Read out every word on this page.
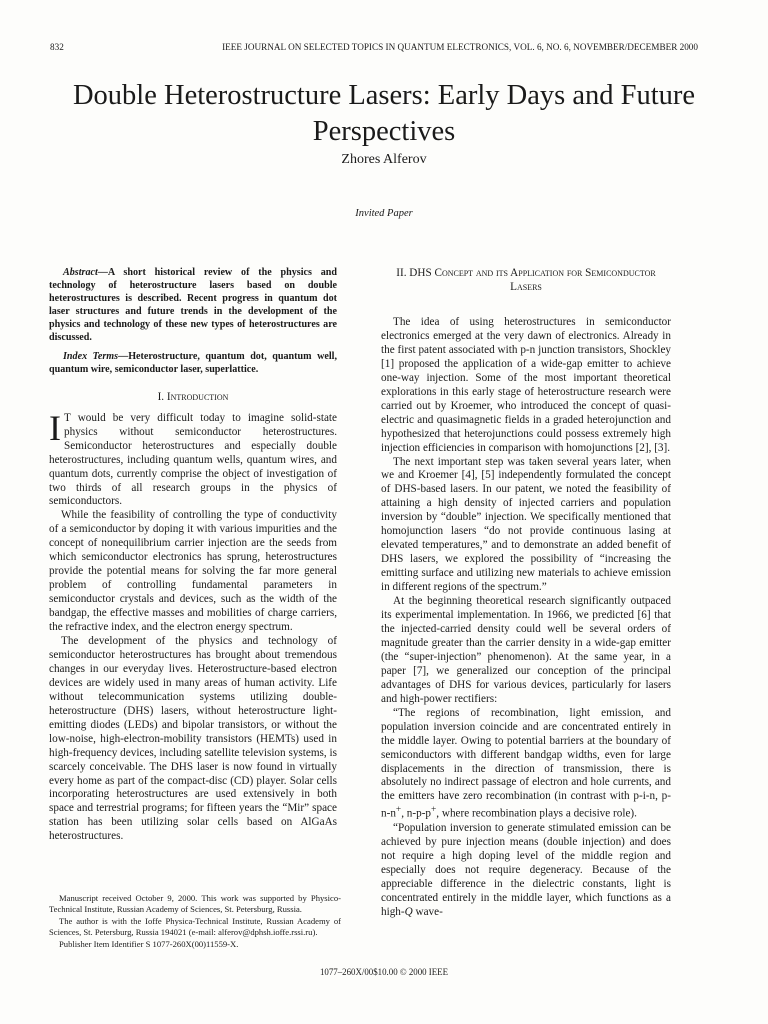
832	IEEE JOURNAL ON SELECTED TOPICS IN QUANTUM ELECTRONICS, VOL. 6, NO. 6, NOVEMBER/DECEMBER 2000
Double Heterostructure Lasers: Early Days and Future Perspectives
Zhores Alferov
Invited Paper

Abstract—A short historical review of the physics and technology of heterostructure lasers based on double heterostructures is described. Recent progress in quantum dot laser structures and future trends in the development of the physics and technology of these new types of heterostructures are discussed.

Index Terms—Heterostructure, quantum dot, quantum well, quantum wire, semiconductor laser, superlattice.

I. Introduction

I T would be very difficult today to imagine solid-state physics without semiconductor heterostructures. Semiconductor heterostructures and especially double heterostructures, including quantum wells, quantum wires, and quantum dots, currently comprise the object of investigation of two thirds of all research groups in the physics of semiconductors.

While the feasibility of controlling the type of conductivity of a semiconductor by doping it with various impurities and the concept of nonequilibrium carrier injection are the seeds from which semiconductor electronics has sprung, heterostructures provide the potential means for solving the far more general problem of controlling fundamental parameters in semiconductor crystals and devices, such as the width of the bandgap, the effective masses and mobilities of charge carriers, the refractive index, and the electron energy spectrum.

The development of the physics and technology of semiconductor heterostructures has brought about tremendous changes in our everyday lives. Heterostructure-based electron devices are widely used in many areas of human activity. Life without telecommunication systems utilizing double-heterostructure (DHS) lasers, without heterostructure light-emitting diodes (LEDs) and bipolar transistors, or without the low-noise, high-electron-mobility transistors (HEMTs) used in high-frequency devices, including satellite television systems, is scarcely conceivable. The DHS laser is now found in virtually every home as part of the compact-disc (CD) player. Solar cells incorporating heterostructures are used extensively in both space and terrestrial programs; for fifteen years the “Mir” space station has been utilizing solar cells based on AlGaAs heterostructures.

Manuscript received October 9, 2000. This work was supported by Physico-Technical Institute, Russian Academy of Sciences, St. Petersburg, Russia.

The author is with the Ioffe Physica-Technical Institute, Russian Academy of Sciences, St. Petersburg, Russia 194021 (e-mail: alferov@dphsh.ioffe.rssi.ru).

Publisher Item Identifier S 1077-260X(00)11559-X.

II. DHS Concept and its Application for Semiconductor Lasers

The idea of using heterostructures in semiconductor electronics emerged at the very dawn of electronics. Already in the first patent associated with p-n junction transistors, Shockley [1] proposed the application of a wide-gap emitter to achieve one-way injection. Some of the most important theoretical explorations in this early stage of heterostructure research were carried out by Kroemer, who introduced the concept of quasi-electric and quasimagnetic fields in a graded heterojunction and hypothesized that heterojunctions could possess extremely high injection efficiencies in comparison with homojunctions [2], [3].

The next important step was taken several years later, when we and Kroemer [4], [5] independently formulated the concept of DHS-based lasers. In our patent, we noted the feasibility of attaining a high density of injected carriers and population inversion by “double” injection. We specifically mentioned that homojunction lasers “do not provide continuous lasing at elevated temperatures,” and to demonstrate an added benefit of DHS lasers, we explored the possibility of “increasing the emitting surface and utilizing new materials to achieve emission in different regions of the spectrum.”

At the beginning theoretical research significantly outpaced its experimental implementation. In 1966, we predicted [6] that the injected-carried density could well be several orders of magnitude greater than the carrier density in a wide-gap emitter (the “super-injection” phenomenon). At the same year, in a paper [7], we generalized our conception of the principal advantages of DHS for various devices, particularly for lasers and high-power rectifiers:

“The regions of recombination, light emission, and population inversion coincide and are concentrated entirely in the middle layer. Owing to potential barriers at the boundary of semiconductors with different bandgap widths, even for large displacements in the direction of transmission, there is absolutely no indirect passage of electron and hole currents, and the emitters have zero recombination (in contrast with p-i-n, p-n-n+, n-p-p+, where recombination plays a decisive role).

“Population inversion to generate stimulated emission can be achieved by pure injection means (double injection) and does not require a high doping level of the middle region and especially does not require degeneracy. Because of the appreciable difference in the dielectric constants, light is concentrated entirely in the middle layer, which functions as a high-Q wave-

1077–260X/00$10.00 © 2000 IEEE
